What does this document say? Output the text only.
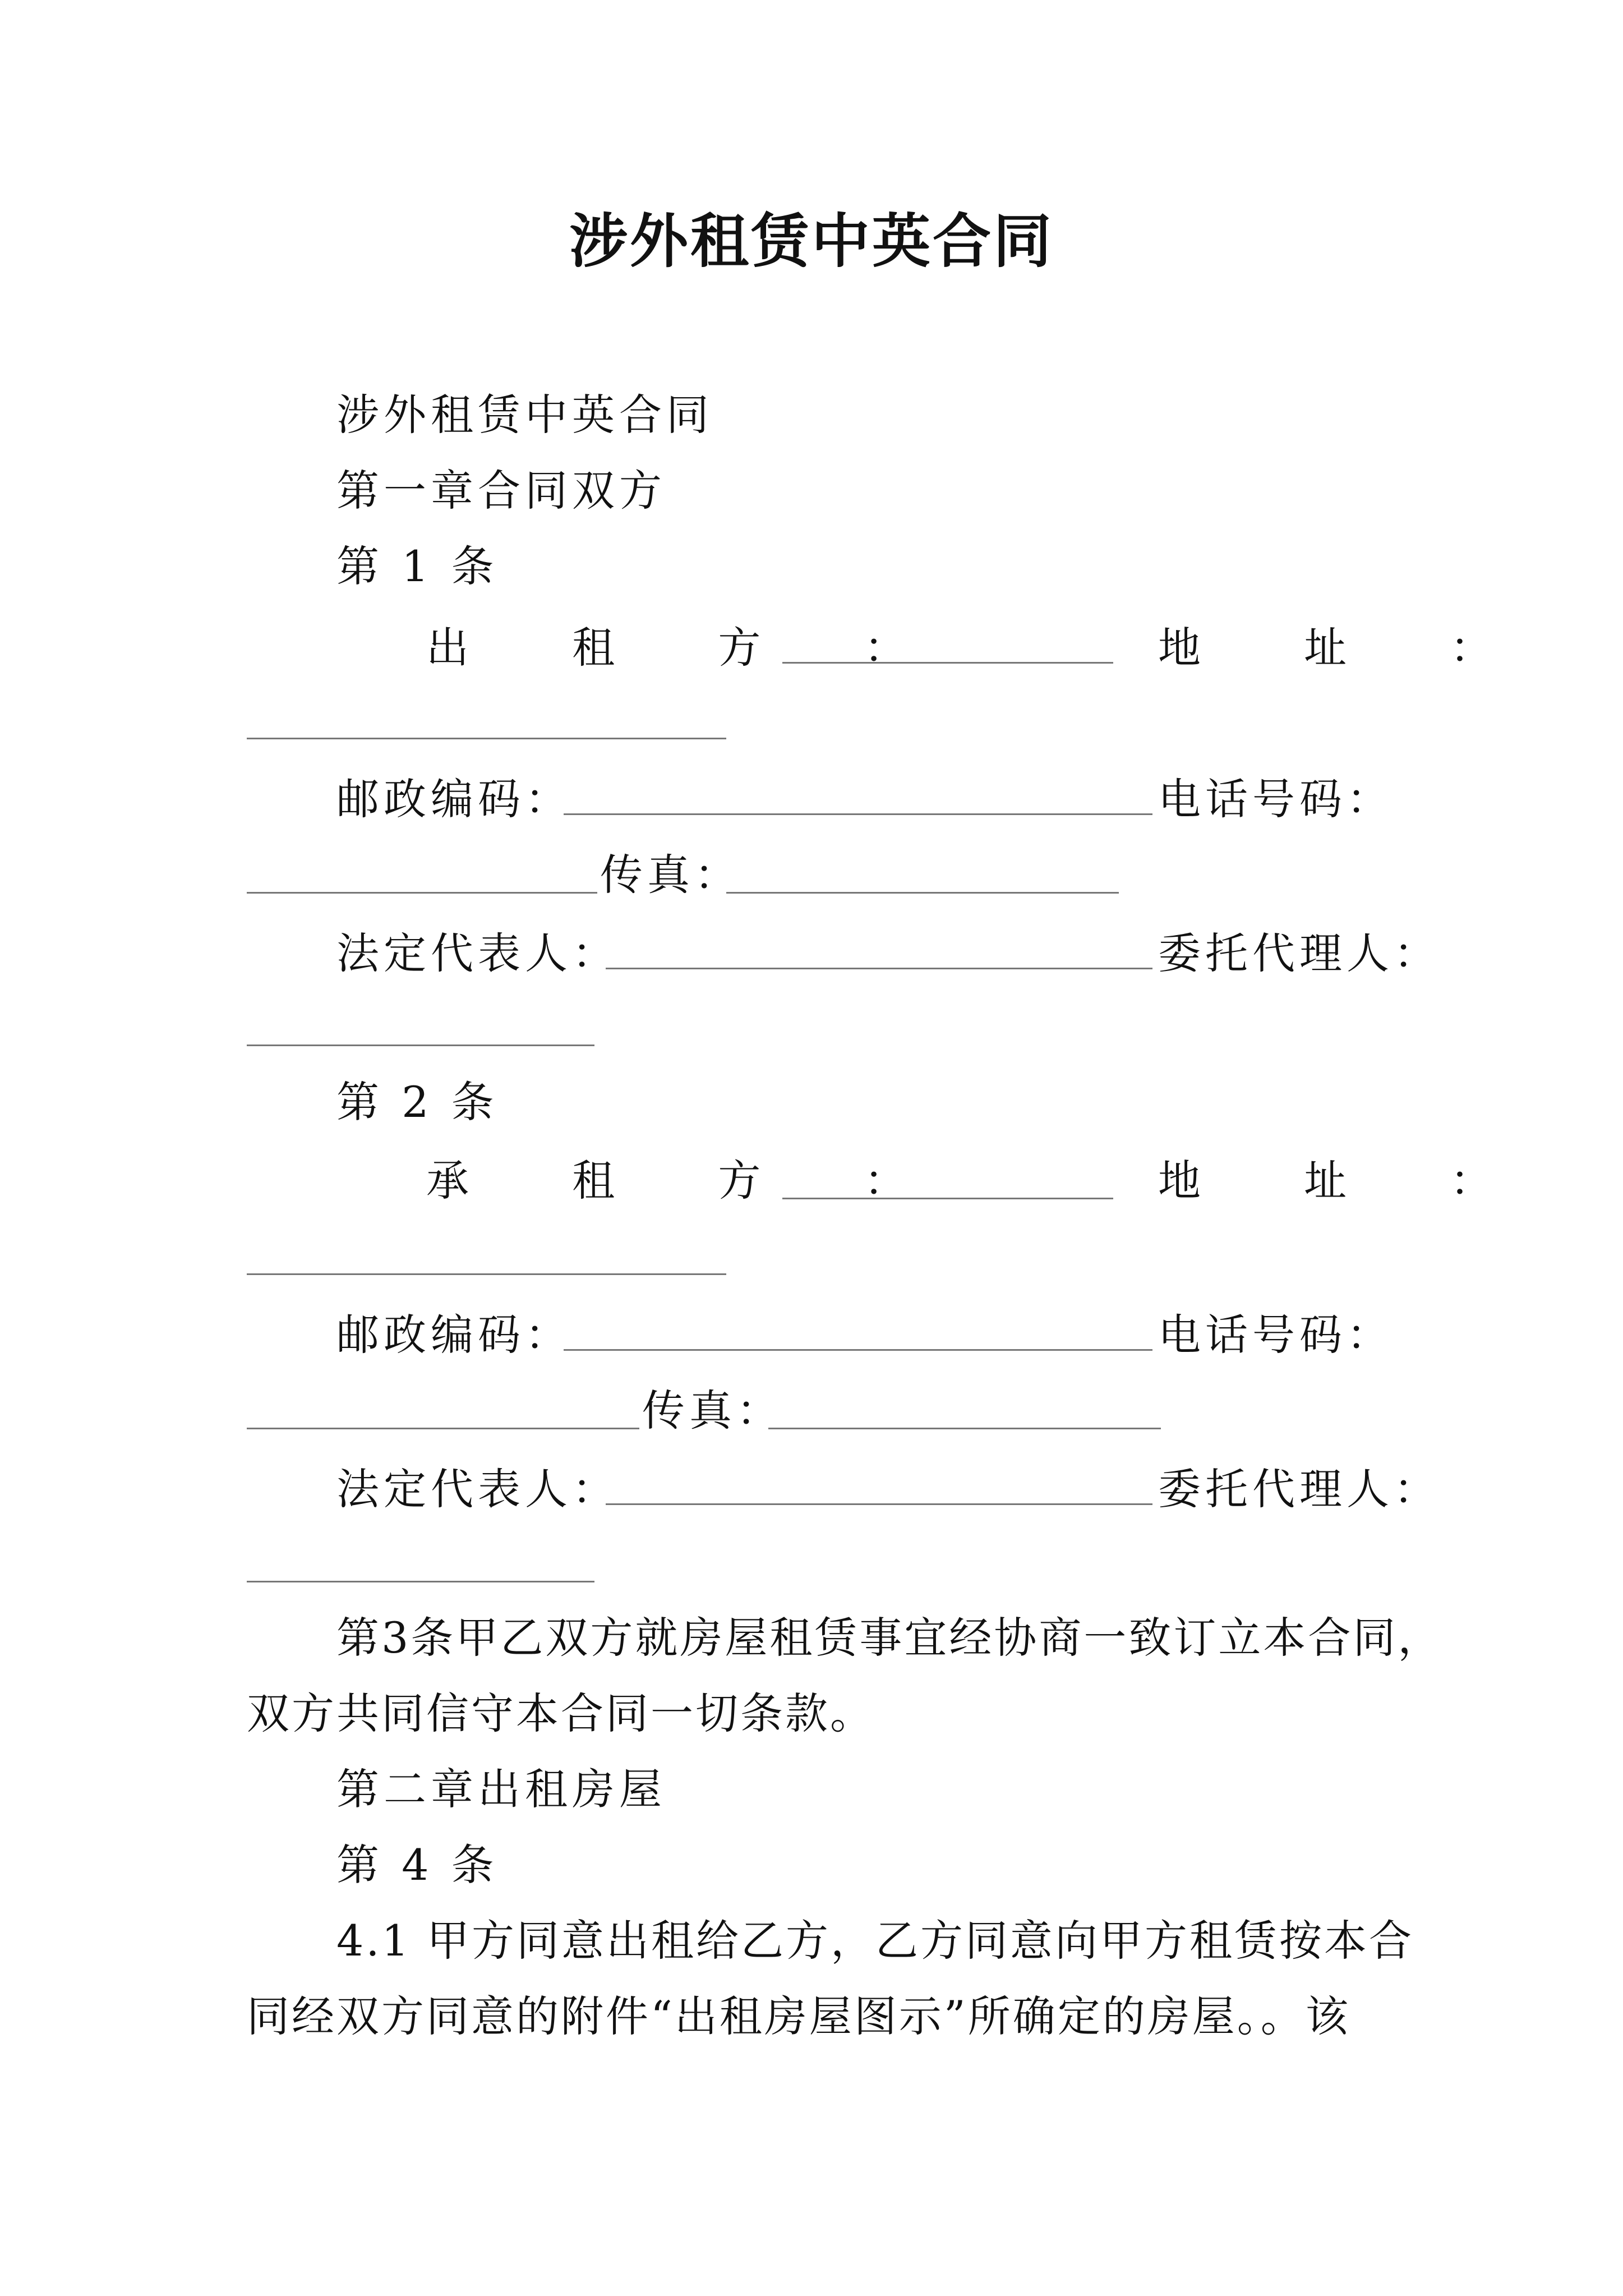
涉外租赁中英合同
涉外租赁中英合同
第一章合同双方
第 1 条
出 租 方 ：	地 址 ：
邮政编码：	电话号码：
传真：
法定代表人：	委托代理人：
第 2 条
承 租 方 ：	地 址 ：
邮政编码：	电话号码：
传真：
法定代表人：	委托代理人：
第3条甲乙双方就房屋租赁事宜经协商一致订立本合同，
双方共同信守本合同一切条款。
第二章出租房屋
第 4 条
4.1 甲方同意出租给乙方，乙方同意向甲方租赁按本合
同经双方同意的附件“出租房屋图示”所确定的房屋。。该
